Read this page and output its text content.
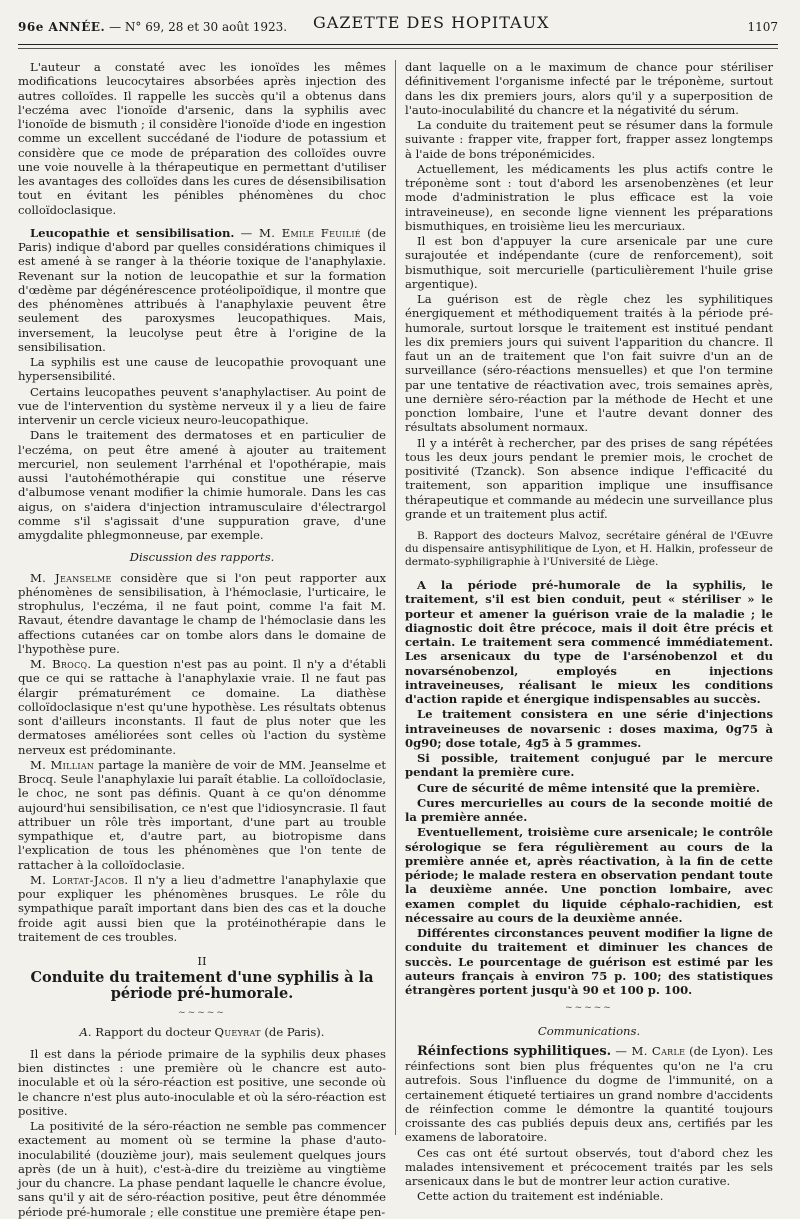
96e ANNÉE. — N° 69, 28 et 30 août 1923. GAZETTE DES HOPITAUX	1107

L'auteur a constaté avec les ionoïdes les mêmes modifications leucocytaires absorbées après injection des autres colloïdes. Il rappelle les succès qu'il a obtenus dans l'eczéma avec l'ionoïde d'arsenic, dans la syphilis avec l'ionoïde de bismuth ; il considère l'ionoïde d'iode en ingestion comme un excellent succédané de l'iodure de potassium et considère que ce mode de préparation des colloïdes ouvre une voie nouvelle à la thérapeutique en permettant d'utiliser les avantages des colloïdes dans les cures de désensibilisation tout en évitant les pénibles phénomènes du choc colloïdoclasique.

Leucopathie et sensibilisation. — M. Emile Feuilié (de Paris) indique d'abord par quelles considérations chimiques il est amené à se ranger à la théorie toxique de l'anaphylaxie. Revenant sur la notion de leucopathie et sur la formation d'œdème par dégénérescence protéolipoïdique, il montre que des phénomènes attribués à l'anaphylaxie peuvent être seulement des paroxysmes leucopathiques. Mais, inversement, la leucolyse peut être à l'origine de la sensibilisation.

La syphilis est une cause de leucopathie provoquant une hypersensibilité.

Certains leucopathes peuvent s'anaphylactiser. Au point de vue de l'intervention du système nerveux il y a lieu de faire intervenir un cercle vicieux neuro-leucopathique.

Dans le traitement des dermatoses et en particulier de l'eczéma, on peut être amené à ajouter au traitement mercuriel, non seulement l'arrhénal et l'opothérapie, mais aussi l'autohémothérapie qui constitue une réserve d'albumose venant modifier la chimie humorale. Dans les cas aigus, on s'aidera d'injection intramusculaire d'électrargol comme s'il s'agissait d'une suppuration grave, d'une amygdalite phlegmonneuse, par exemple.

Discussion des rapports.

M. Jeanselme considère que si l'on peut rapporter aux phénomènes de sensibilisation, à l'hémoclasie, l'urticaire, le strophulus, l'eczéma, il ne faut point, comme l'a fait M. Ravaut, étendre davantage le champ de l'hémoclasie dans les affections cutanées car on tombe alors dans le domaine de l'hypothèse pure.

M. Brocq. La question n'est pas au point. Il n'y a d'établi que ce qui se rattache à l'anaphylaxie vraie. Il ne faut pas élargir prématurément ce domaine. La diathèse colloïdoclasique n'est qu'une hypothèse. Les résultats obtenus sont d'ailleurs inconstants. Il faut de plus noter que les dermatoses améliorées sont celles où l'action du système nerveux est prédominante.

M. Millian partage la manière de voir de MM. Jeanselme et Brocq. Seule l'anaphylaxie lui paraît établie. La colloïdoclasie, le choc, ne sont pas définis. Quant à ce qu'on dénomme aujourd'hui sensibilisation, ce n'est que l'idiosyncrasie. Il faut attribuer un rôle très important, d'une part au trouble sympathique et, d'autre part, au biotropisme dans l'explication de tous les phénomènes que l'on tente de rattacher à la colloïdoclasie.

M. Lortat-Jacob. Il n'y a lieu d'admettre l'anaphylaxie que pour expliquer les phénomènes brusques. Le rôle du sympathique paraît important dans bien des cas et la douche froide agit aussi bien que la protéinothérapie dans le traitement de ces troubles.

II

Conduite du traitement d'une syphilis à la période pré-humorale.
~~~~~

A. Rapport du docteur Queyrat (de Paris).

Il est dans la période primaire de la syphilis deux phases bien distinctes : une première où le chancre est auto-inoculable et où la séro-réaction est positive, une seconde où le chancre n'est plus auto-inoculable et où la séro-réaction est positive.

La positivité de la séro-réaction ne semble pas commencer exactement au moment où se termine la phase d'auto-inoculabilité (douzième jour), mais seulement quelques jours après (de un à huit), c'est-à-dire du treizième au vingtième jour du chancre. La phase pendant laquelle le chancre évolue, sans qu'il y ait de séro-réaction positive, peut être dénommée période pré-humorale ; elle constitue une première étape pen-

dant laquelle on a le maximum de chance pour stériliser définitivement l'organisme infecté par le tréponème, surtout dans les dix premiers jours, alors qu'il y a superposition de l'auto-inoculabilité du chancre et la négativité du sérum.

La conduite du traitement peut se résumer dans la formule suivante : frapper vite, frapper fort, frapper assez longtemps à l'aide de bons tréponémicides.

Actuellement, les médicaments les plus actifs contre le tréponème sont : tout d'abord les arsenobenzènes (et leur mode d'administration le plus efficace est la voie intraveineuse), en seconde ligne viennent les préparations bismuthiques, en troisième lieu les mercuriaux.

Il est bon d'appuyer la cure arsenicale par une cure surajoutée et indépendante (cure de renforcement), soit bismuthique, soit mercurielle (particulièrement l'huile grise argentique).

La guérison est de règle chez les syphilitiques énergiquement et méthodiquement traités à la période pré-humorale, surtout lorsque le traitement est institué pendant les dix premiers jours qui suivent l'apparition du chancre. Il faut un an de traitement que l'on fait suivre d'un an de surveillance (séro-réactions mensuelles) et que l'on termine par une tentative de réactivation avec, trois semaines après, une dernière séro-réaction par la méthode de Hecht et une ponction lombaire, l'une et l'autre devant donner des résultats absolument normaux.

Il y a intérêt à rechercher, par des prises de sang répétées tous les deux jours pendant le premier mois, le crochet de positivité (Tzanck). Son absence indique l'efficacité du traitement, son apparition implique une insuffisance thérapeutique et commande au médecin une surveillance plus grande et un traitement plus actif.

B. Rapport des docteurs Malvoz, secrétaire général de l'Œuvre du dispensaire antisyphilitique de Lyon, et H. Halkin, professeur de dermato-syphiligraphie à l'Université de Liège.

A la période pré-humorale de la syphilis, le traitement, s'il est bien conduit, peut « stériliser » le porteur et amener la guérison vraie de la maladie ; le diagnostic doit être précoce, mais il doit être précis et certain. Le traitement sera commencé immédiatement. Les arsenicaux du type de l'arsénobenzol et du novarsénobenzol, employés en injections intraveineuses, réalisant le mieux les conditions d'action rapide et énergique indispensables au succès.

Le traitement consistera en une série d'injections intraveineuses de novarsenic : doses maxima, 0g75 à 0g90; dose totale, 4g5 à 5 grammes.

Si possible, traitement conjugué par le mercure pendant la première cure.

Cure de sécurité de même intensité que la première.

Cures mercurielles au cours de la seconde moitié de la première année.

Eventuellement, troisième cure arsenicale; le contrôle sérologique se fera régulièrement au cours de la première année et, après réactivation, à la fin de cette période; le malade restera en observation pendant toute la deuxième année. Une ponction lombaire, avec examen complet du liquide céphalo-rachidien, est nécessaire au cours de la deuxième année.

Différentes circonstances peuvent modifier la ligne de conduite du traitement et diminuer les chances de succès. Le pourcentage de guérison est estimé par les auteurs français à environ 75 p. 100; des statistiques étrangères portent jusqu'à 90 et 100 p. 100.

~~~~~

Communications.

Réinfections syphilitiques. — M. Carle (de Lyon). Les réinfections sont bien plus fréquentes qu'on ne l'a cru autrefois. Sous l'influence du dogme de l'immunité, on a certainement étiqueté tertiaires un grand nombre d'accidents de réinfection comme le démontre la quantité toujours croissante des cas publiés depuis deux ans, certifiés par les examens de laboratoire.

Ces cas ont été surtout observés, tout d'abord chez les malades intensivement et précocement traités par les sels arsenicaux dans le but de montrer leur action curative.

Cette action du traitement est indéniable.
